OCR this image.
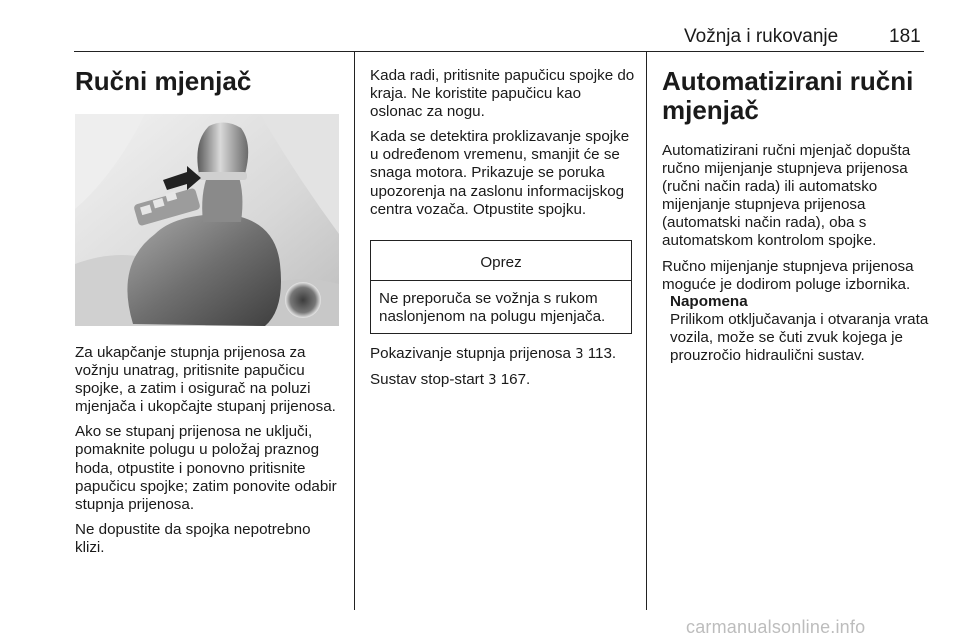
Vožnja i rukovanje	181
Ručni mjenjač

Za ukapčanje stupnja prijenosa za vožnju unatrag, pritisnite papučicu spojke, a zatim i osigurač na poluzi mjenjača i ukopčajte stupanj prijenosa.

Ako se stupanj prijenosa ne uključi, pomaknite polugu u položaj praznog hoda, otpustite i ponovno pritisnite papučicu spojke; zatim ponovite odabir stupnja prijenosa.

Ne dopustite da spojka nepotrebno klizi.

Kada radi, pritisnite papučicu spojke do kraja. Ne koristite papučicu kao oslonac za nogu.

Kada se detektira proklizavanje spojke u određenom vremenu, smanjit će se snaga motora. Prikazuje se poruka upozorenja na zaslonu informacijskog centra vozača. Otpustite spojku.

Oprez
Ne preporuča se vožnja s rukom naslonjenom na polugu mjenjača.

Pokazivanje stupnja prijenosa 3 113.

Sustav stop-start 3 167.

Automatizirani ručni
mjenjač

Automatizirani ručni mjenjač dopušta ručno mijenjanje stupnjeva prijenosa (ručni način rada) ili automatsko mijenjanje stupnjeva prijenosa (automatski način rada), oba s automatskom kontrolom spojke.

Ručno mijenjanje stupnjeva prijenosa moguće je dodirom poluge izbornika.

Napomena
Prilikom otključavanja i otvaranja vrata vozila, može se čuti zvuk kojega je prouzročio hidraulični sustav.
carmanualsonline.info
